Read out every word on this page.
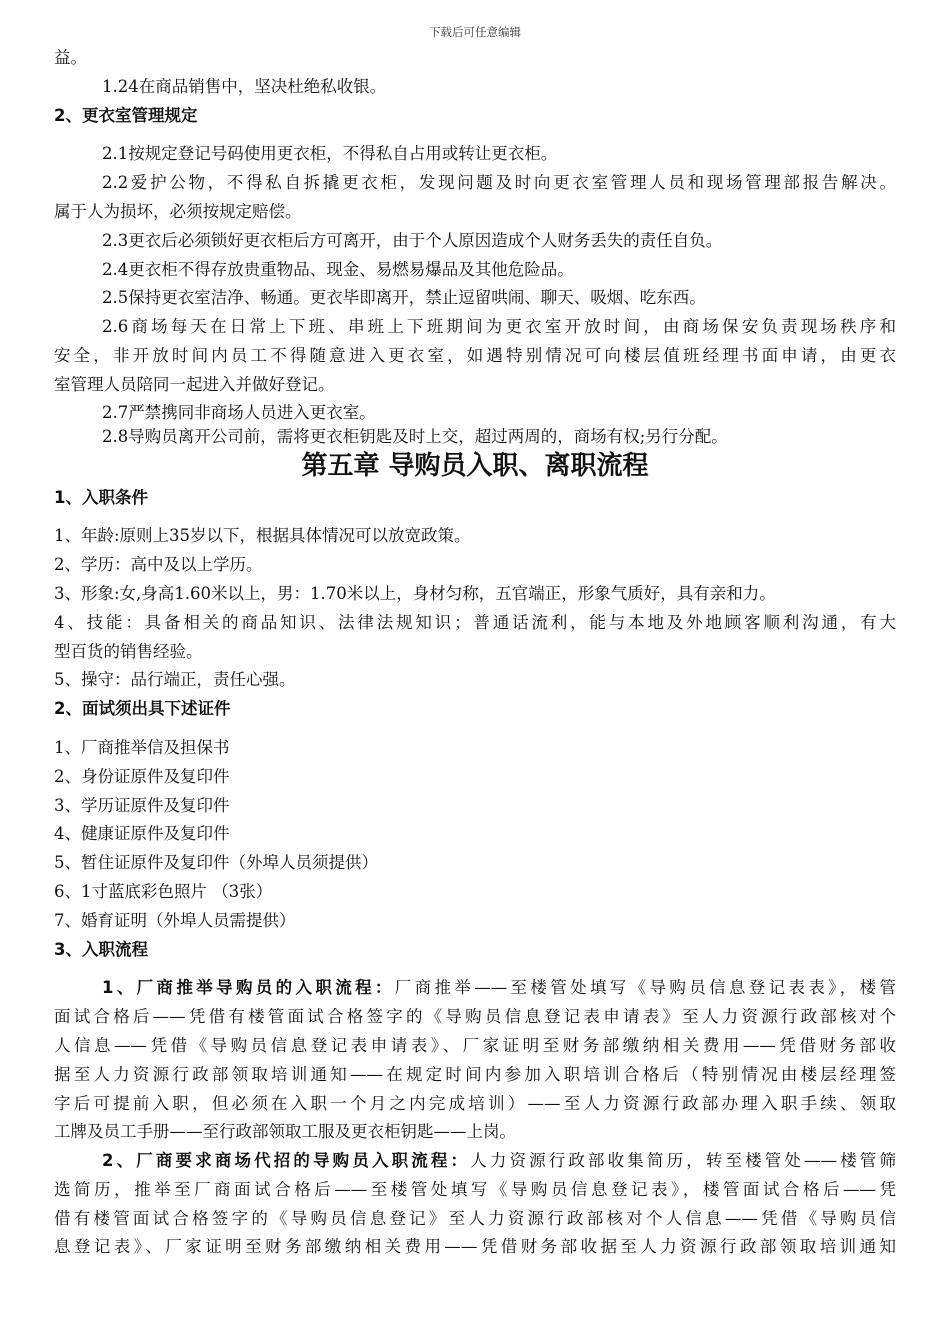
下载后可任意编辑

益。

1.24在商品销售中，坚决杜绝私收银。

2、更衣室管理规定

2.1按规定登记号码使用更衣柜，不得私自占用或转让更衣柜。

2.2爱护公物，不得私自拆撬更衣柜，发现问题及时向更衣室管理人员和现场管理部报告解决。

属于人为损坏，必须按规定赔偿。

2.3更衣后必须锁好更衣柜后方可离开，由于个人原因造成个人财务丢失的责任自负。

2.4更衣柜不得存放贵重物品、现金、易燃易爆品及其他危险品。

2.5保持更衣室洁净、畅通。更衣毕即离开，禁止逗留哄闹、聊天、吸烟、吃东西。

2.6商场每天在日常上下班、串班上下班期间为更衣室开放时间，由商场保安负责现场秩序和

安全，非开放时间内员工不得随意进入更衣室，如遇特别情况可向楼层值班经理书面申请，由更衣

室管理人员陪同一起进入并做好登记。

2.7严禁携同非商场人员进入更衣室。

2.8导购员离开公司前，需将更衣柜钥匙及时上交，超过两周的，商场有权;另行分配。

第五章 导购员入职、离职流程

1、入职条件

1、年龄:原则上35岁以下，根据具体情况可以放宽政策。

2、学历：高中及以上学历。

3、形象:女,身高1.60米以上，男：1.70米以上，身材匀称，五官端正，形象气质好，具有亲和力。

4、技能：具备相关的商品知识、法律法规知识；普通话流利，能与本地及外地顾客顺利沟通，有大

型百货的销售经验。

5、操守：品行端正，责任心强。

2、面试须出具下述证件

1、厂商推举信及担保书

2、身份证原件及复印件

3、学历证原件及复印件

4、健康证原件及复印件

5、暂住证原件及复印件（外埠人员须提供）

6、1寸蓝底彩色照片 （3张）

7、婚育证明（外埠人员需提供）

3、入职流程

1、厂商推举导购员的入职流程：厂商推举——至楼管处填写《导购员信息登记表表》，楼管

面试合格后——凭借有楼管面试合格签字的《导购员信息登记表申请表》至人力资源行政部核对个

人信息——凭借《导购员信息登记表申请表》、厂家证明至财务部缴纳相关费用——凭借财务部收

据至人力资源行政部领取培训通知——在规定时间内参加入职培训合格后（特别情况由楼层经理签

字后可提前入职，但必须在入职一个月之内完成培训）——至人力资源行政部办理入职手续、领取

工牌及员工手册——至行政部领取工服及更衣柜钥匙——上岗。

2、厂商要求商场代招的导购员入职流程：人力资源行政部收集简历，转至楼管处——楼管筛

选简历，推举至厂商面试合格后——至楼管处填写《导购员信息登记表》，楼管面试合格后——凭

借有楼管面试合格签字的《导购员信息登记》至人力资源行政部核对个人信息——凭借《导购员信

息登记表》、厂家证明至财务部缴纳相关费用——凭借财务部收据至人力资源行政部领取培训通知
